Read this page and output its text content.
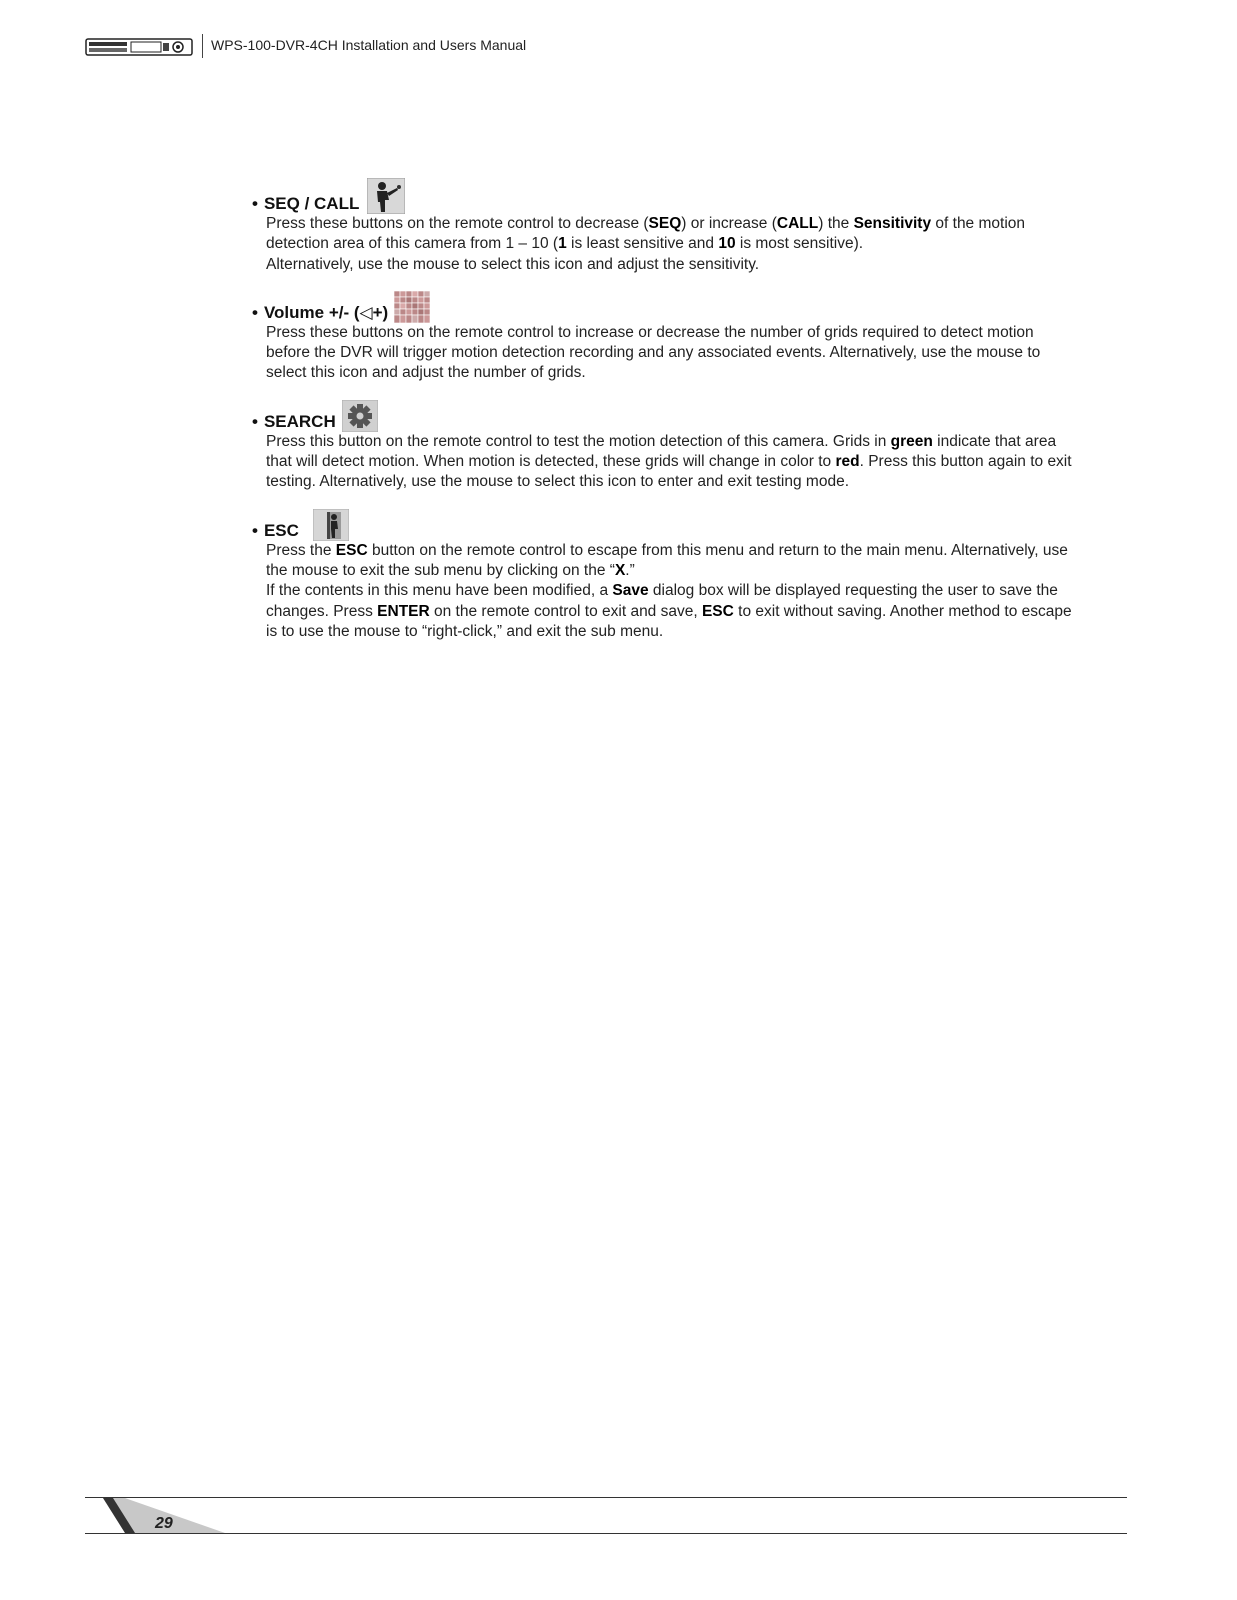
WPS-100-DVR-4CH Installation and Users Manual
• SEQ / CALL

Press these buttons on the remote control to decrease (SEQ) or increase (CALL) the Sensitivity of the motion detection area of this camera from 1 – 10 (1 is least sensitive and 10 is most sensitive).

Alternatively, use the mouse to select this icon and adjust the sensitivity.

• Volume +/- ( ◁+ )

Press these buttons on the remote control to increase or decrease the number of grids required to detect motion before the DVR will trigger motion detection recording and any associated events. Alternatively, use the mouse to select this icon and adjust the number of grids.

• SEARCH

Press this button on the remote control to test the motion detection of this camera. Grids in green indicate that area that will detect motion. When motion is detected, these grids will change in color to red. Press this button again to exit testing. Alternatively, use the mouse to select this icon to enter and exit testing mode.

• ESC

Press the ESC button on the remote control to escape from this menu and return to the main menu. Alternatively, use the mouse to exit the sub menu by clicking on the “X.”

If the contents in this menu have been modified, a Save dialog box will be displayed requesting the user to save the changes. Press ENTER on the remote control to exit and save, ESC to exit without saving. Another method to escape is to use the mouse to “right-click,” and exit the sub menu.

29
